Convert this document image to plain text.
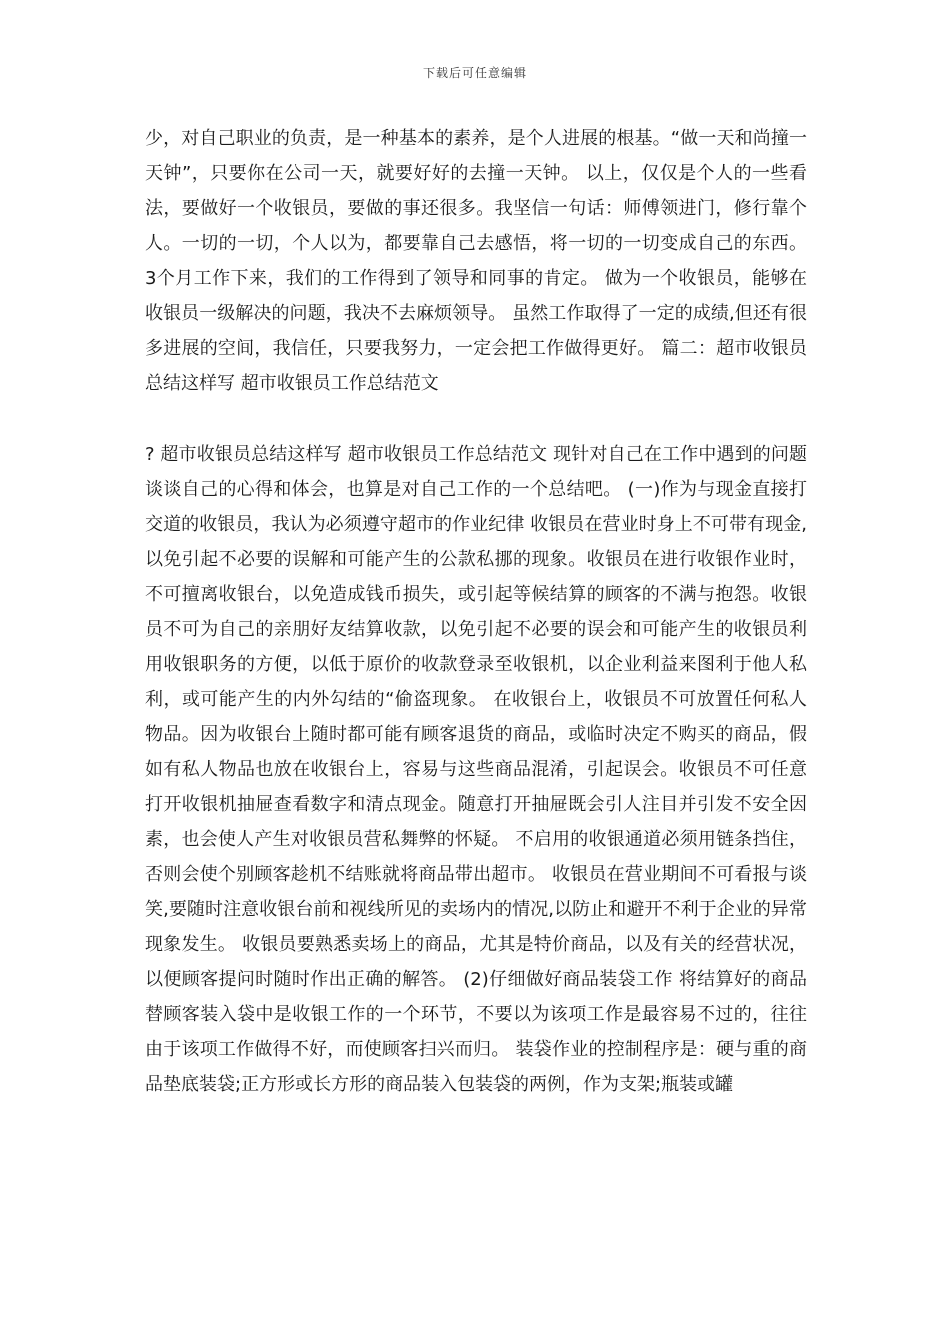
下载后可任意编辑

少，对自己职业的负责，是一种基本的素养，是个人进展的根基。“做一天和尚撞一天钟”，只要你在公司一天，就要好好的去撞一天钟。 以上，仅仅是个人的一些看法，要做好一个收银员，要做的事还很多。我坚信一句话：师傅领进门，修行靠个人。一切的一切，个人以为，都要靠自己去感悟，将一切的一切变成自己的东西。 3个月工作下来，我们的工作得到了领导和同事的肯定。 做为一个收银员，能够在收银员一级解决的问题，我决不去麻烦领导。 虽然工作取得了一定的成绩,但还有很多进展的空间，我信任，只要我努力，一定会把工作做得更好。 篇二：超市收银员总结这样写 超市收银员工作总结范文

? 超市收银员总结这样写 超市收银员工作总结范文 现针对自己在工作中遇到的问题谈谈自己的心得和体会，也算是对自己工作的一个总结吧。 (一)作为与现金直接打交道的收银员，我认为必须遵守超市的作业纪律 收银员在营业时身上不可带有现金,以免引起不必要的误解和可能产生的公款私挪的现象。收银员在进行收银作业时，不可擅离收银台，以免造成钱币损失，或引起等候结算的顾客的不满与抱怨。收银员不可为自己的亲朋好友结算收款，以免引起不必要的误会和可能产生的收银员利用收银职务的方便，以低于原价的收款登录至收银机，以企业利益来图利于他人私利，或可能产生的内外勾结的“偷盗现象。 在收银台上，收银员不可放置任何私人物品。因为收银台上随时都可能有顾客退货的商品，或临时决定不购买的商品，假如有私人物品也放在收银台上，容易与这些商品混淆，引起误会。收银员不可任意打开收银机抽屉查看数字和清点现金。随意打开抽屉既会引人注目并引发不安全因素，也会使人产生对收银员营私舞弊的怀疑。 不启用的收银通道必须用链条挡住，否则会使个别顾客趁机不结账就将商品带出超市。 收银员在营业期间不可看报与谈笑,要随时注意收银台前和视线所见的卖场内的情况,以防止和避开不利于企业的异常现象发生。 收银员要熟悉卖场上的商品，尤其是特价商品，以及有关的经营状况，以便顾客提问时随时作出正确的解答。 (2)仔细做好商品装袋工作 将结算好的商品替顾客装入袋中是收银工作的一个环节，不要以为该项工作是最容易不过的，往往由于该项工作做得不好，而使顾客扫兴而归。 装袋作业的控制程序是：硬与重的商品垫底装袋;正方形或长方形的商品装入包装袋的两例，作为支架;瓶装或罐
